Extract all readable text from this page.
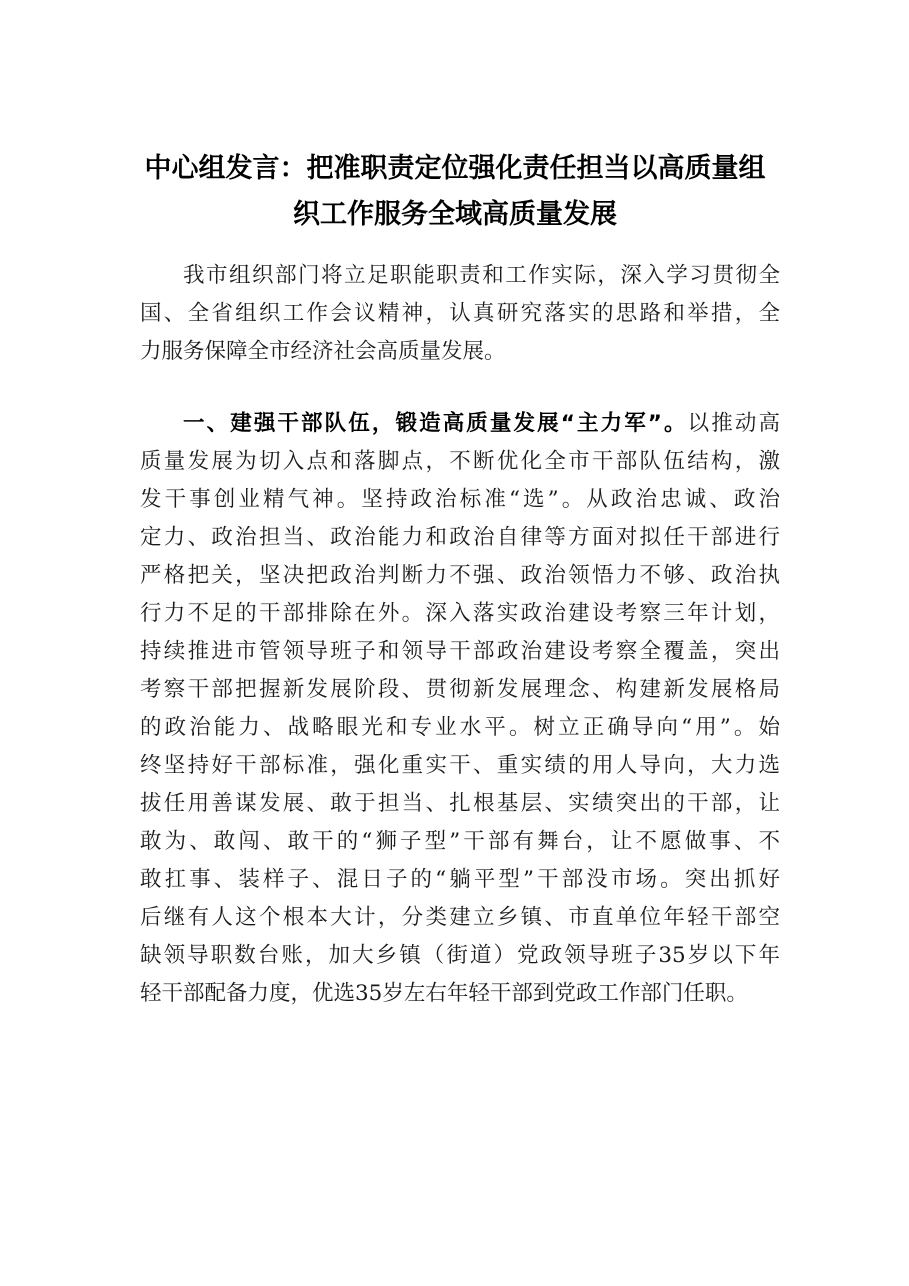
中心组发言：把准职责定位强化责任担当以高质量组
织工作服务全域高质量发展

我市组织部门将立足职能职责和工作实际，深入学习贯彻全
国、全省组织工作会议精神，认真研究落实的思路和举措，全
力服务保障全市经济社会高质量发展。

一、建强干部队伍，锻造高质量发展“主力军”。以推动高
质量发展为切入点和落脚点，不断优化全市干部队伍结构，激
发干事创业精气神。坚持政治标准“选”。从政治忠诚、政治
定力、政治担当、政治能力和政治自律等方面对拟任干部进行
严格把关，坚决把政治判断力不强、政治领悟力不够、政治执
行力不足的干部排除在外。深入落实政治建设考察三年计划，
持续推进市管领导班子和领导干部政治建设考察全覆盖，突出
考察干部把握新发展阶段、贯彻新发展理念、构建新发展格局
的政治能力、战略眼光和专业水平。树立正确导向“用”。始
终坚持好干部标准，强化重实干、重实绩的用人导向，大力选
拔任用善谋发展、敢于担当、扎根基层、实绩突出的干部，让
敢为、敢闯、敢干的“狮子型”干部有舞台，让不愿做事、不
敢扛事、装样子、混日子的“躺平型”干部没市场。突出抓好
后继有人这个根本大计，分类建立乡镇、市直单位年轻干部空
缺领导职数台账，加大乡镇（街道）党政领导班子35岁以下年
轻干部配备力度，优选35岁左右年轻干部到党政工作部门任职。
